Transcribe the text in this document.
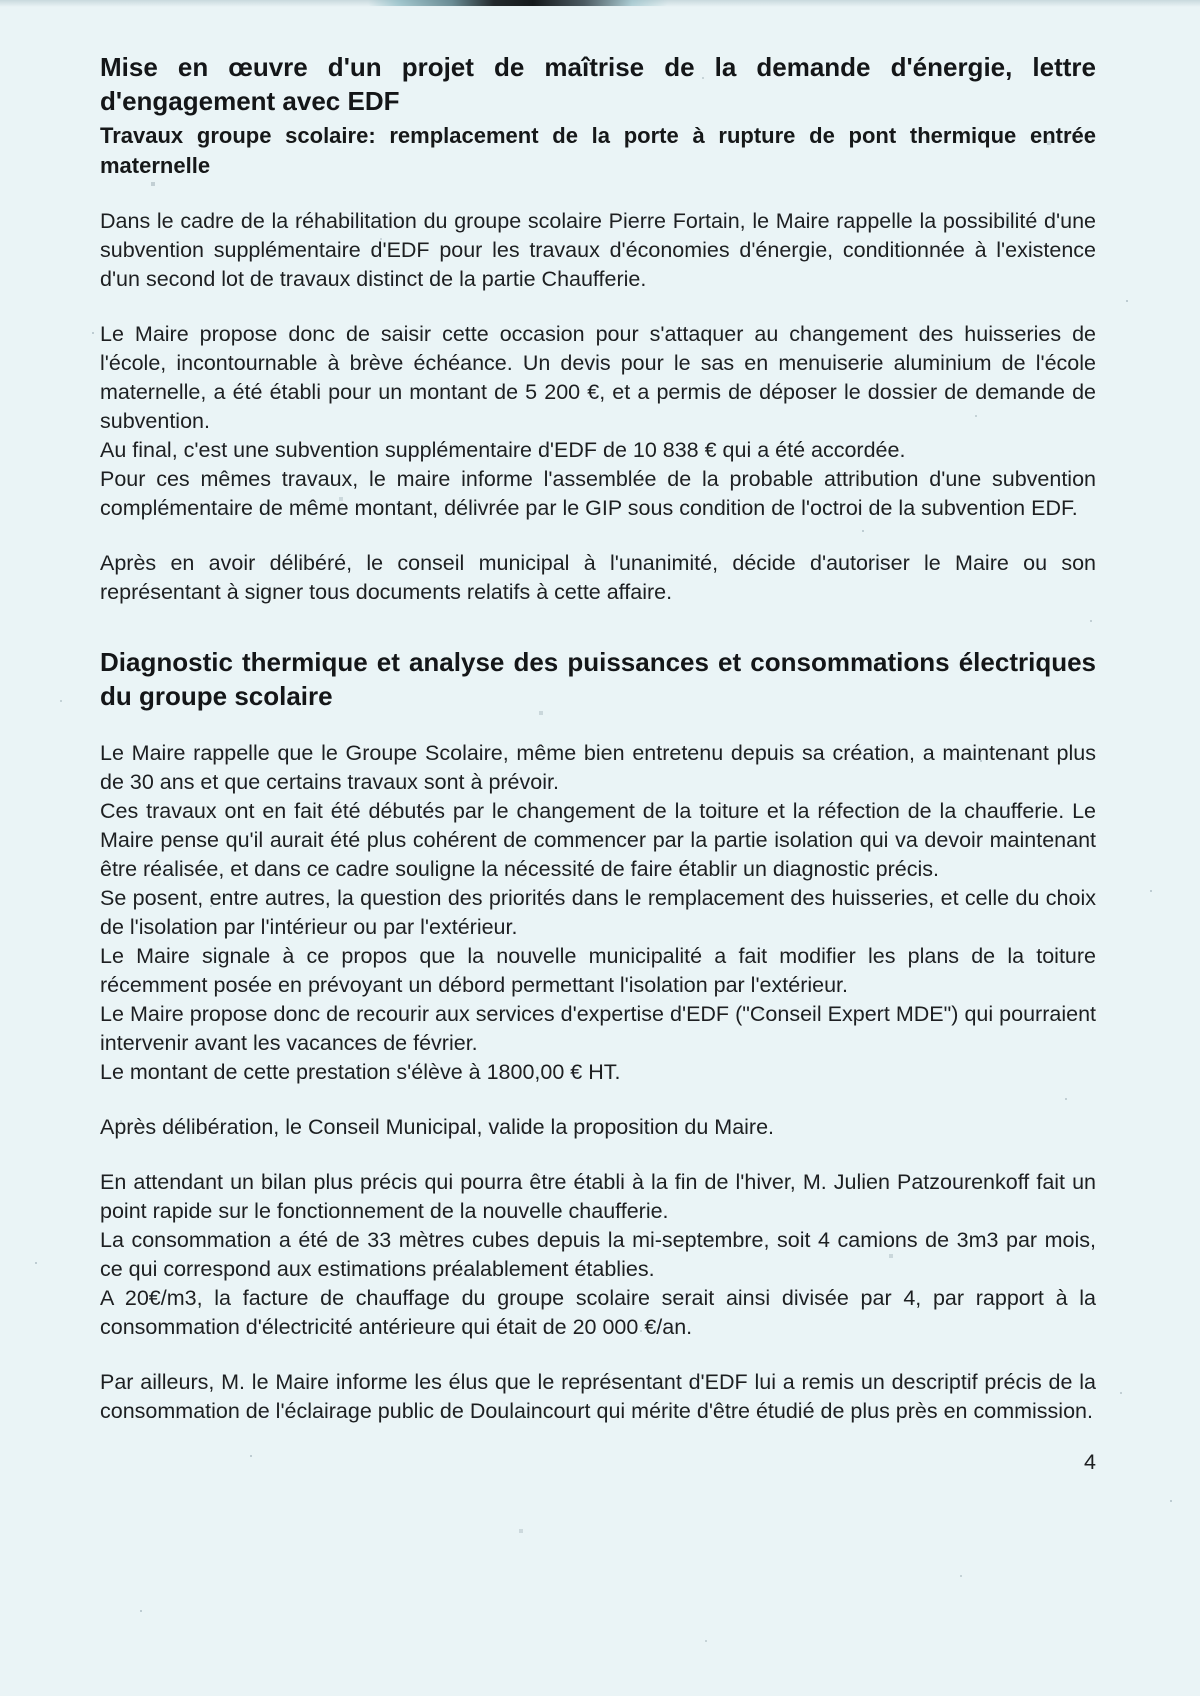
Mise en œuvre d'un projet de maîtrise de la demande d'énergie, lettre d'engagement avec EDF
Travaux groupe scolaire: remplacement de la porte à rupture de pont thermique entrée maternelle

Dans le cadre de la réhabilitation du groupe scolaire Pierre Fortain, le Maire rappelle la possibilité d'une subvention supplémentaire d'EDF pour les travaux d'économies d'énergie, conditionnée à l'existence d'un second lot de travaux distinct de la partie Chaufferie.

Le Maire propose donc de saisir cette occasion pour s'attaquer au changement des huisseries de l'école, incontournable à brève échéance. Un devis pour le sas en menuiserie aluminium de l'école maternelle, a été établi pour un montant de 5 200 €, et a permis de déposer le dossier de demande de subvention.

Au final, c'est une subvention supplémentaire d'EDF de 10 838 € qui a été accordée.

Pour ces mêmes travaux, le maire informe l'assemblée de la probable attribution d'une subvention complémentaire de même montant, délivrée par le GIP sous condition de l'octroi de la subvention EDF.

Après en avoir délibéré, le conseil municipal à l'unanimité, décide d'autoriser le Maire ou son représentant à signer tous documents relatifs à cette affaire.

Diagnostic thermique et analyse des puissances et consommations électriques du groupe scolaire

Le Maire rappelle que le Groupe Scolaire, même bien entretenu depuis sa création, a maintenant plus de 30 ans et que certains travaux sont à prévoir.

Ces travaux ont en fait été débutés par le changement de la toiture et la réfection de la chaufferie. Le Maire pense qu'il aurait été plus cohérent de commencer par la partie isolation qui va devoir maintenant être réalisée, et dans ce cadre souligne la nécessité de faire établir un diagnostic précis.

Se posent, entre autres, la question des priorités dans le remplacement des huisseries, et celle du choix de l'isolation par l'intérieur ou par l'extérieur.

Le Maire signale à ce propos que la nouvelle municipalité a fait modifier les plans de la toiture récemment posée en prévoyant un débord permettant l'isolation par l'extérieur.

Le Maire propose donc de recourir aux services d'expertise d'EDF ("Conseil Expert MDE") qui pourraient intervenir avant les vacances de février.

Le montant de cette prestation s'élève à 1800,00 € HT.

Après délibération, le Conseil Municipal, valide la proposition du Maire.

En attendant un bilan plus précis qui pourra être établi à la fin de l'hiver, M. Julien Patzourenkoff fait un point rapide sur le fonctionnement de la nouvelle chaufferie.

La consommation a été de 33 mètres cubes depuis la mi-septembre, soit 4 camions de 3m3 par mois, ce qui correspond aux estimations préalablement établies.

A 20€/m3, la facture de chauffage du groupe scolaire serait ainsi divisée par 4, par rapport à la consommation d'électricité antérieure qui était de 20 000 €/an.

Par ailleurs, M. le Maire informe les élus que le représentant d'EDF lui a remis un descriptif précis de la consommation de l'éclairage public de Doulaincourt qui mérite d'être étudié de plus près en commission.

4
